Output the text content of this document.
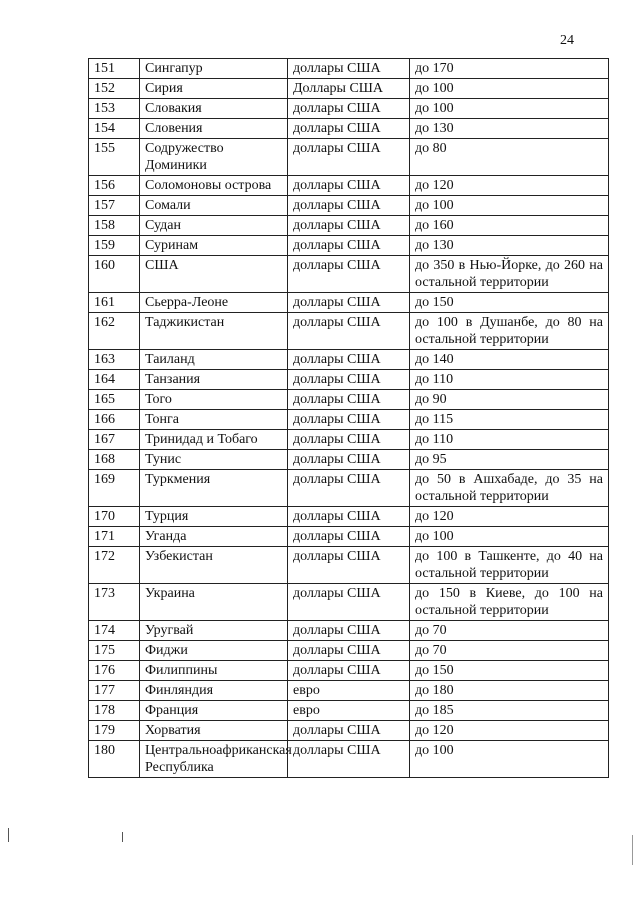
24
151	Сингапур	доллары США	до 170
152	Сирия	Доллары США	до 100
153	Словакия	доллары США	до 100
154	Словения	доллары США	до 130
155	Содружество Доминики	доллары США	до 80
156	Соломоновы острова	доллары США	до 120
157	Сомали	доллары США	до 100
158	Судан	доллары США	до 160
159	Суринам	доллары США	до 130
160	США	доллары США	до 350 в Нью-Йорке, до 260 на остальной территории
161	Сьерра-Леоне	доллары США	до 150
162	Таджикистан	доллары США	до 100 в Душанбе, до 80 на остальной территории
163	Таиланд	доллары США	до 140
164	Танзания	доллары США	до 110
165	Того	доллары США	до 90
166	Тонга	доллары США	до 115
167	Тринидад и Тобаго	доллары США	до 110
168	Тунис	доллары США	до 95
169	Туркмения	доллары США	до 50 в Ашхабаде, до 35 на остальной территории
170	Турция	доллары США	до 120
171	Уганда	доллары США	до 100
172	Узбекистан	доллары США	до 100 в Ташкенте, до 40 на остальной территории
173	Украина	доллары США	до 150 в Киеве, до 100 на остальной территории
174	Уругвай	доллары США	до 70
175	Фиджи	доллары США	до 70
176	Филиппины	доллары США	до 150
177	Финляндия	евро	до 180
178	Франция	евро	до 185
179	Хорватия	доллары США	до 120
180	Центральноафриканская Республика	доллары США	до 100
